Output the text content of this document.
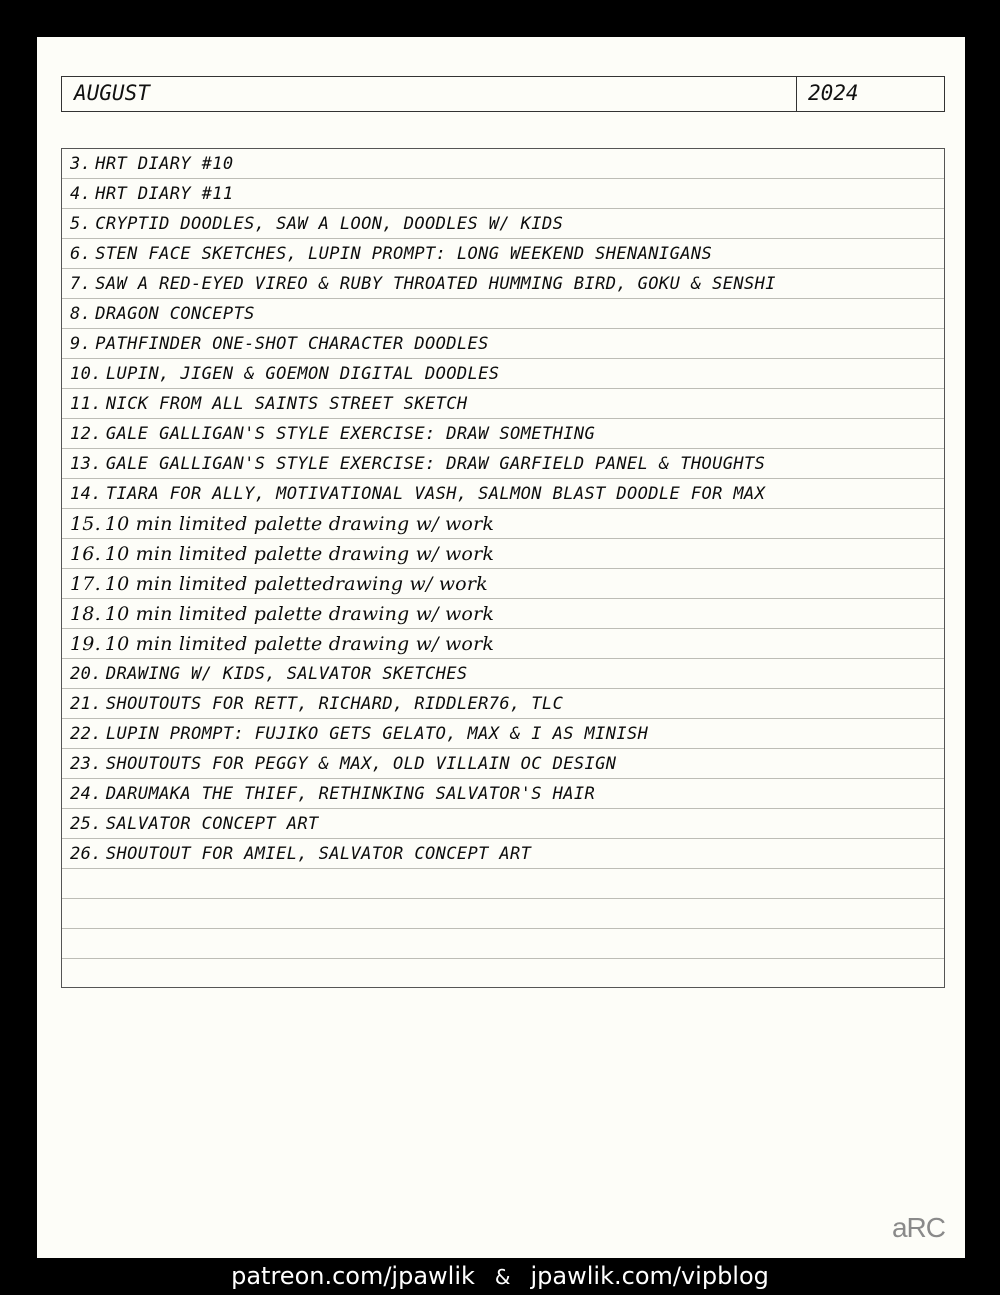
AUGUST	2024
3. HRT DIARY #10
4. HRT DIARY #11
5. CRYPTID DOODLES, SAW A LOON, DOODLES W/ KIDS
6. STEN FACE SKETCHES, LUPIN PROMPT: LONG WEEKEND SHENANIGANS
7. SAW A RED-EYED VIREO & RUBY THROATED HUMMING BIRD, GOKU & SENSHI
8. DRAGON CONCEPTS
9. PATHFINDER ONE-SHOT CHARACTER DOODLES
10. LUPIN, JIGEN & GOEMON DIGITAL DOODLES
11. NICK FROM ALL SAINTS STREET SKETCH
12. GALE GALLIGAN'S STYLE EXERCISE: DRAW SOMETHING
13. GALE GALLIGAN'S STYLE EXERCISE: DRAW GARFIELD PANEL & THOUGHTS
14. TIARA FOR ALLY, MOTIVATIONAL VASH, SALMON BLAST DOODLE FOR MAX
15. 10 min limited palette drawing w/ work
16. 10 min limited palette drawing w/ work
17. 10 min limited palettedrawing w/ work
18. 10 min limited palette drawing w/ work
19. 10 min limited palette drawing w/ work
20. DRAWING W/ KIDS, SALVATOR SKETCHES
21. SHOUTOUTS FOR RETT, RICHARD, RIDDLER76, TLC
22. LUPIN PROMPT: FUJIKO GETS GELATO, MAX & I AS MINISH
23. SHOUTOUTS FOR PEGGY & MAX, OLD VILLAIN OC DESIGN
24. DARUMAKA THE THIEF, RETHINKING SALVATOR'S HAIR
25. SALVATOR CONCEPT ART
26. SHOUTOUT FOR AMIEL, SALVATOR CONCEPT ART
aRC
patreon.com/jpawlik & jpawlik.com/vipblog
